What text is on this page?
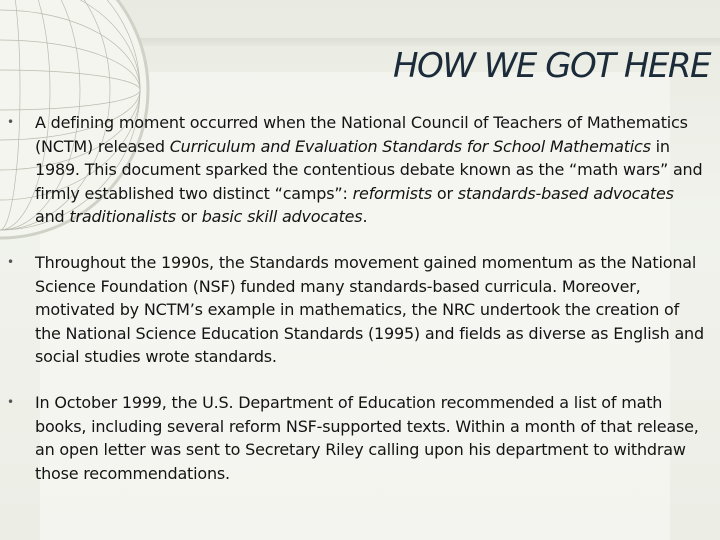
HOW WE GOT HERE
• A defining moment occurred when the National Council of Teachers of Mathematics (NCTM) released Curriculum and Evaluation Standards for School Mathematics in 1989. This document sparked the contentious debate known as the “math wars” and firmly established two distinct “camps”: reformists or standards-based advocates and traditionalists or basic skill advocates.
• Throughout the 1990s, the Standards movement gained momentum as the National Science Foundation (NSF) funded many standards-based curricula. Moreover, motivated by NCTM’s example in mathematics, the NRC undertook the creation of the National Science Education Standards (1995) and fields as diverse as English and social studies wrote standards.
• In October 1999, the U.S. Department of Education recommended a list of math books, including several reform NSF-supported texts. Within a month of that release, an open letter was sent to Secretary Riley calling upon his department to withdraw those recommendations.
